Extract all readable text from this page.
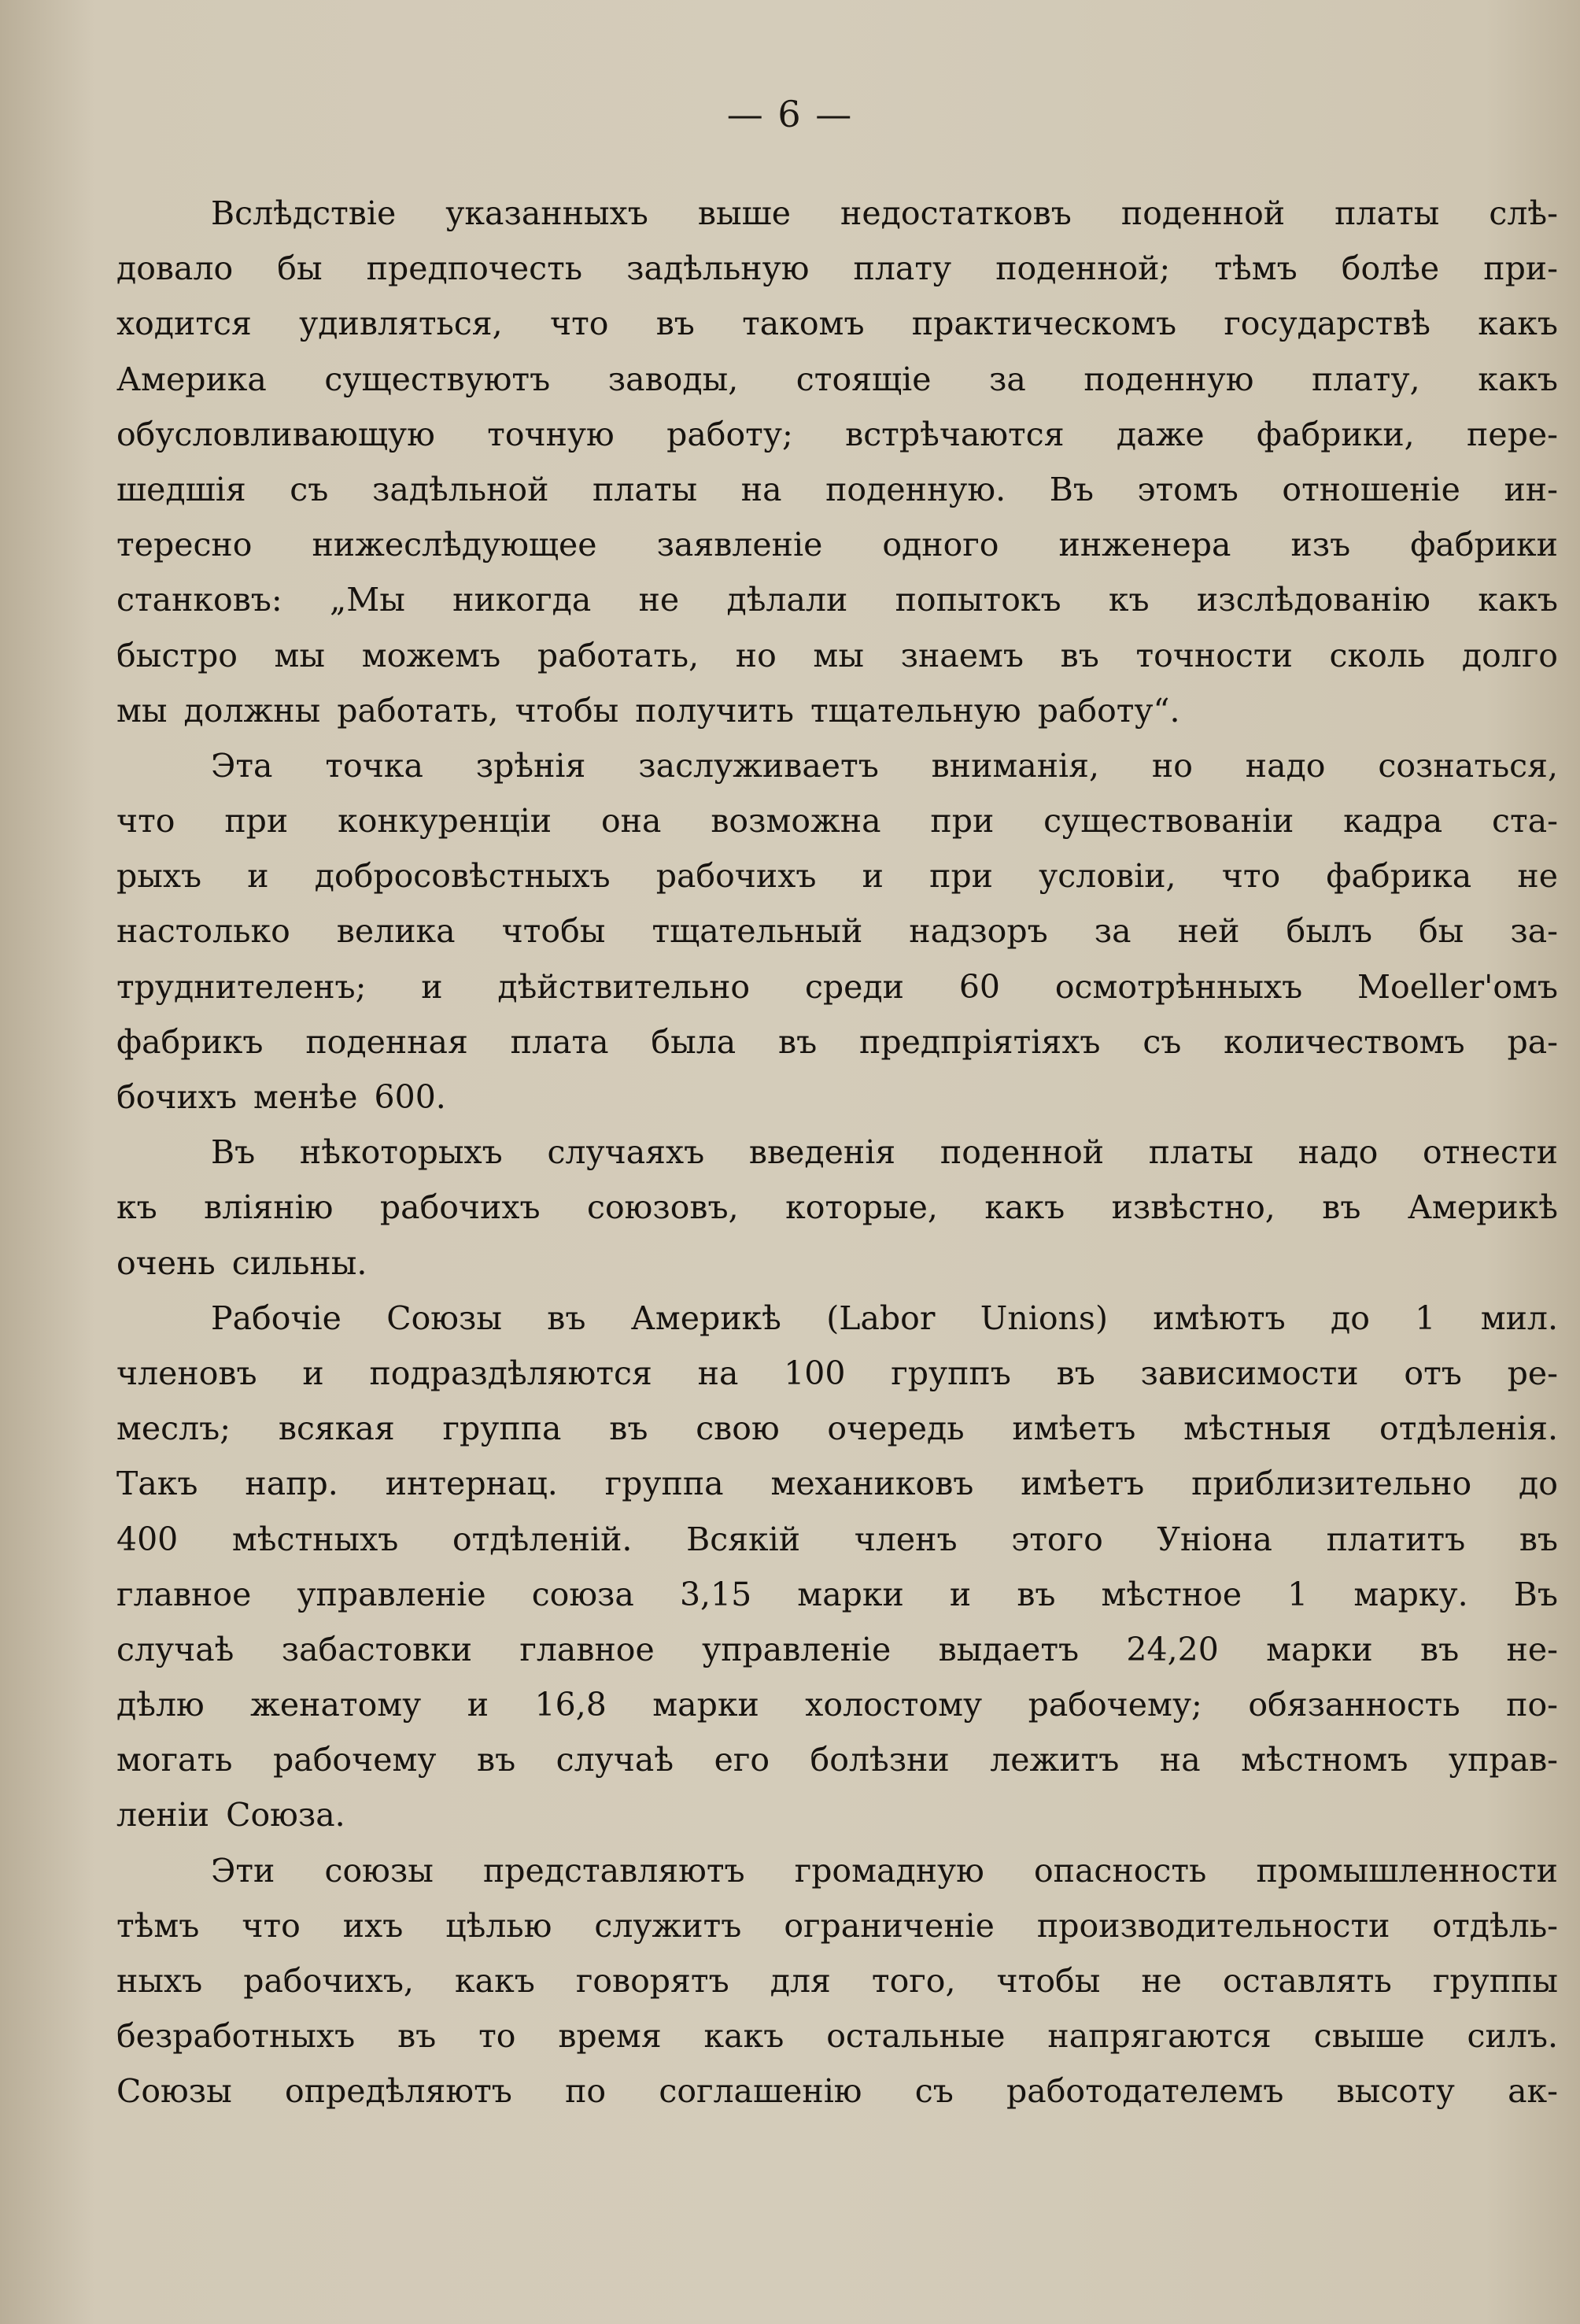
— 6 —
Вслѣдствіе указанныхъ выше недостатковъ поденной платы слѣ-
довало бы предпочесть задѣльную плату поденной; тѣмъ болѣе при-
ходится удивляться, что въ такомъ практическомъ государствѣ какъ
Америка существуютъ заводы, стоящіе за поденную плату, какъ
обусловливающую точную работу; встрѣчаются даже фабрики, пере-
шедшія съ задѣльной платы на поденную. Въ этомъ отношеніе ин-
тересно нижеслѣдующее заявленіе одного инженера изъ фабрики
станковъ: „Мы никогда не дѣлали попытокъ къ изслѣдованію какъ
быстро мы можемъ работать, но мы знаемъ въ точности сколь долго
мы должны работать, чтобы получить тщательную работу“.
Эта точка зрѣнія заслуживаетъ вниманія, но надо сознаться,
что при конкуренціи она возможна при существованіи кадра ста-
рыхъ и добросовѣстныхъ рабочихъ и при условіи, что фабрика не
настолько велика чтобы тщательный надзоръ за ней былъ бы за-
труднителенъ; и дѣйствительно среди 60 осмотрѣнныхъ Moeller'омъ
фабрикъ поденная плата была въ предпріятіяхъ съ количествомъ ра-
бочихъ менѣе 600.
Въ нѣкоторыхъ случаяхъ введенія поденной платы надо отнести
къ вліянію рабочихъ союзовъ, которые, какъ извѣстно, въ Америкѣ
очень сильны.
Рабочіе Союзы въ Америкѣ (Labor Unions) имѣютъ до 1 мил.
членовъ и подраздѣляются на 100 группъ въ зависимости отъ ре-
меслъ; всякая группа въ свою очередь имѣетъ мѣстныя отдѣленія.
Такъ напр. интернац. группа механиковъ имѣетъ приблизительно до
400 мѣстныхъ отдѣленій. Всякій членъ этого Уніона платитъ въ
главное управленіе союза 3,15 марки и въ мѣстное 1 марку. Въ
случаѣ забастовки главное управленіе выдаетъ 24,20 марки въ не-
дѣлю женатому и 16,8 марки холостому рабочему; обязанность по-
могать рабочему въ случаѣ его болѣзни лежитъ на мѣстномъ управ-
леніи Союза.
Эти союзы представляютъ громадную опасность промышленности
тѣмъ что ихъ цѣлью служитъ ограниченіе производительности отдѣль-
ныхъ рабочихъ, какъ говорятъ для того, чтобы не оставлять группы
безработныхъ въ то время какъ остальные напрягаются свыше силъ.
Союзы опредѣляютъ по соглашенію съ работодателемъ высоту ак-
